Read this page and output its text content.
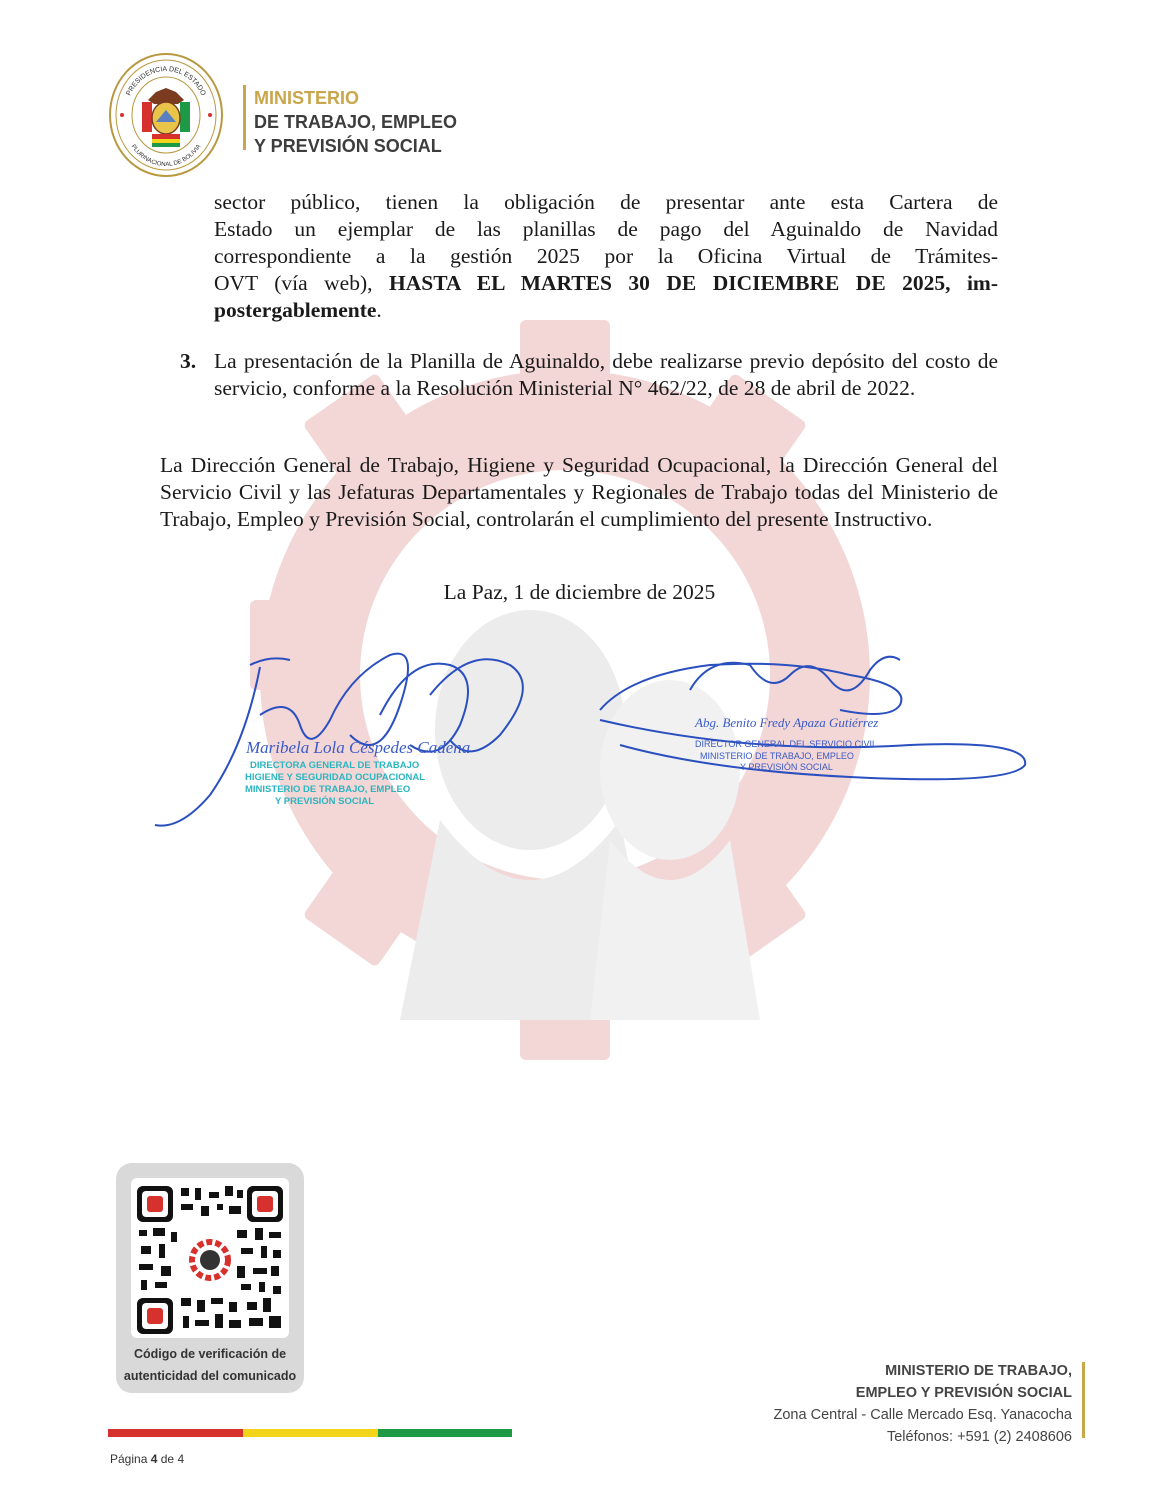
PRESIDENCIA DEL ESTADO
PLURINACIONAL DE BOLIVIA
MINISTERIO
DE TRABAJO, EMPLEO
Y PREVISIÓN SOCIAL
sector público, tienen la obligación de presentar ante esta Cartera de
Estado un ejemplar de las planillas de pago del Aguinaldo de Navidad
correspondiente a la gestión 2025 por la Oficina Virtual de Trámites-
OVT (vía web), HASTA EL MARTES 30 DE DICIEMBRE DE 2025, im-
postergablemente.
3. La presentación de la Planilla de Aguinaldo, debe realizarse previo depósito del costo de servicio, conforme a la Resolución Ministerial N° 462/22, de 28 de abril de 2022.
La Dirección General de Trabajo, Higiene y Seguridad Ocupacional, la Dirección General del Servicio Civil y las Jefaturas Departamentales y Regionales de Trabajo todas del Ministerio de Trabajo, Empleo y Previsión Social, controlarán el cumplimiento del presente Instructivo.
La Paz, 1 de diciembre de 2025
Maribela Lola Céspedes Cadena
DIRECTORA GENERAL DE TRABAJO
HIGIENE Y SEGURIDAD OCUPACIONAL
MINISTERIO DE TRABAJO, EMPLEO
Y PREVISIÓN SOCIAL
Abg. Benito Fredy Apaza Gutiérrez
DIRECTOR GENERAL DEL SERVICIO CIVIL
MINISTERIO DE TRABAJO, EMPLEO
Y PREVISIÓN SOCIAL
Código de verificación de
autenticidad del comunicado	MINISTERIO DE TRABAJO,
EMPLEO Y PREVISIÓN SOCIAL
Zona Central - Calle Mercado Esq. Yanacocha
Teléfonos: +591 (2) 2408606
Página 4 de 4
